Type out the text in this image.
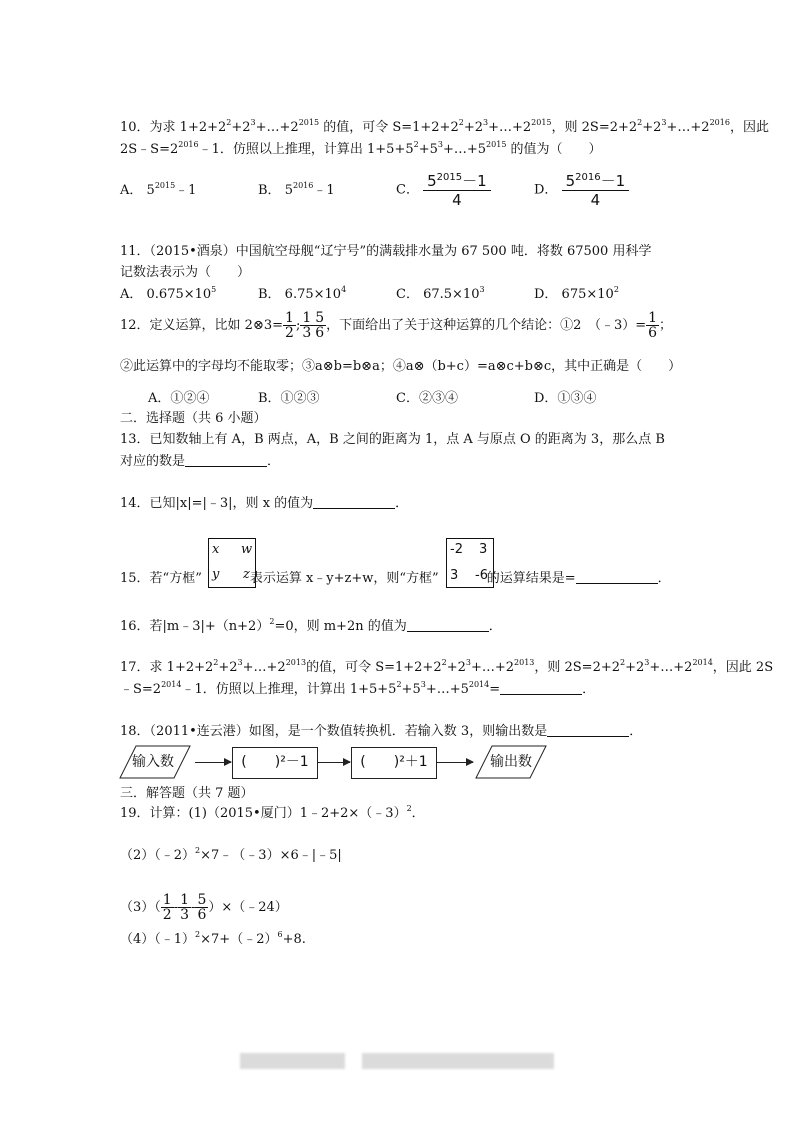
10．为求 $1+2+2^2+2^3+\dots+2^{2015}$ 的值，可令 $S=1+2+2^2+2^3+\dots+2^{2015}$，则 $2S=2+2^2+2^3+\dots+2^{2016}$，因此
$2S﹣S=2^{2016}﹣1$．仿照以上推理，计算出 $1+5+5^2+5^3+\dots+5^{2015}$ 的值为（　　）
A． $5^{2015}﹣1$	B． $5^{2016}﹣1$	C． $\frac{5^{2015}-1}{4}$	D． $\frac{5^{2016}-1}{4}$
11．（2015•酒泉）中国航空母舰“辽宁号”的满载排水量为 67 500 吨．将数 67500 用科学
记数法表示为（　　）
A． $0.675\times 10^5$	B． $6.75\times 10^4$	C． $67.5\times 10^3$	D． $675\times 10^2$
12．定义运算，比如 2⊗3= $\frac{1}{2}$ ; $\frac{1}{3} \frac{5}{6}$ ，下面给出了关于这种运算的几个结论：①2　（﹣3）= $\frac{1}{6}$ ；
②此运算中的字母均不能取零；③a⊗b=b⊗a；④a⊗（b+c）=a⊗c+b⊗c，其中正确是（　　）
A．①②④	B．①②③	C．②③④	D．①③④
二．选择题（共 6 小题）
13．已知数轴上有 A，B 两点，A，B 之间的距离为 1，点 A 与原点 O 的距离为 3，那么点 B
对应的数是	．
14．已知|x|=|﹣3|，则 x 的值为	．
15．若“方框”	表示运算 x﹣y+z+w，则“方框”	的运算结果是=	．
x w
y z
-2 3
3 -6
16．若$|m﹣3|+(n+2)^2=0$，则 m+2n 的值为	．
17．求 $1+2+2^2+2^3+\dots+2^{2013}$的值，可令 $S=1+2+2^2+2^3+\dots+2^{2013}$，则 $2S=2+2^2+2^3+\dots+2^{2014}$，因此 2S
$﹣S=2^{2014}﹣1$．仿照以上推理，计算出 $1+5+5^2+5^3+\dots+5^{2014}=$	．
18．（2011•连云港）如图，是一个数值转换机．若输入数 3，则输出数是	．
输入数	(　　)²－1	(　　)²＋1	输出数
三．解答题（共 7 题）
19．计算：(1)（2015•厦门）1﹣2+2×（﹣3）$^2$．
（2）（﹣2）$^2$×7﹣（﹣3）×6﹣|﹣5|
$(3)( \frac{1}{2} - \frac{1}{3} - \frac{5}{6}$ ）×（﹣24）
（4）（﹣1）$^2$×7+（﹣2）$^6$+8.
